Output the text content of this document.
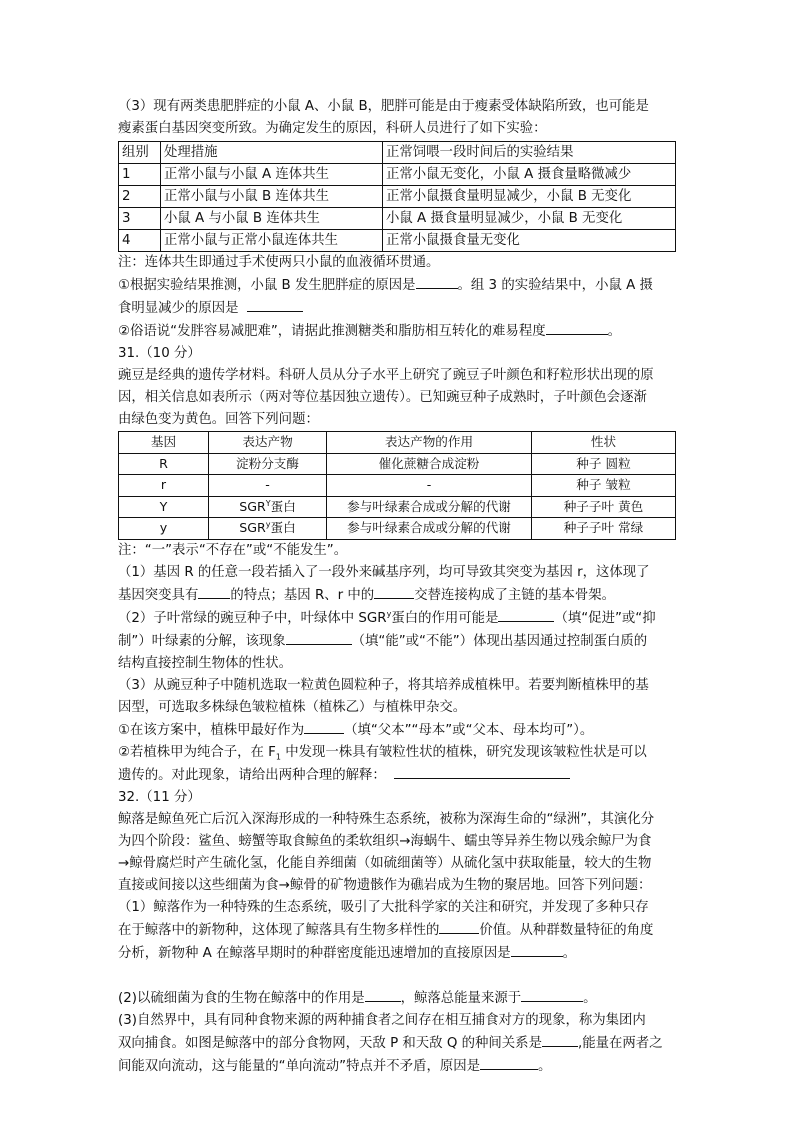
（3）现有两类患肥胖症的小鼠 A、小鼠 B，肥胖可能是由于瘦素受体缺陷所致，也可能是

瘦素蛋白基因突变所致。为确定发生的原因，科研人员进行了如下实验：

组别	处理措施	正常饲喂一段时间后的实验结果
1	正常小鼠与小鼠 A 连体共生	正常小鼠无变化，小鼠 A 摄食量略微减少
2	正常小鼠与小鼠 B 连体共生	正常小鼠摄食量明显减少，小鼠 B 无变化
3	小鼠 A 与小鼠 B 连体共生	小鼠 A 摄食量明显减少，小鼠 B 无变化
4	正常小鼠与正常小鼠连体共生	正常小鼠摄食量无变化

注：连体共生即通过手术使两只小鼠的血液循环贯通。

①根据实验结果推测，小鼠 B 发生肥胖症的原因是	。组 3 的实验结果中，小鼠 A 摄

食明显减少的原因是

②俗语说“发胖容易减肥难”，请据此推测糖类和脂肪相互转化的难易程度	。

31.（10 分）

豌豆是经典的遗传学材料。科研人员从分子水平上研究了豌豆子叶颜色和籽粒形状出现的原

因，相关信息如表所示（两对等位基因独立遗传）。已知豌豆种子成熟时，子叶颜色会逐渐

由绿色变为黄色。回答下列问题：

基因	表达产物	表达产物的作用	性状
R	淀粉分支酶	催化蔗糖合成淀粉	种子 圆粒
r	-	-	种子 皱粒
Y	$SGR^Y$蛋白	参与叶绿素合成或分解的代谢	种子子叶 黄色
y	SGR$^y$蛋白	参与叶绿素合成或分解的代谢	种子子叶 常绿

注：“一”表示“不存在”或“不能发生”。

（1）基因 R 的任意一段若插入了一段外来碱基序列，均可导致其突变为基因 r，这体现了

基因突变具有 的特点；基因 R、r 中的	交替连接构成了主链的基本骨架。

（2）子叶常绿的豌豆种子中，叶绿体中 SGR$^y$蛋白的作用可能是	（填“促进”或“抑

制”）叶绿素的分解，该现象	（填“能”或“不能”）体现出基因通过控制蛋白质的

结构直接控制生物体的性状。

（3）从豌豆种子中随机选取一粒黄色圆粒种子，将其培养成植株甲。若要判断植株甲的基

因型，可选取多株绿色皱粒植株（植株乙）与植株甲杂交。

①在该方案中，植株甲最好作为	（填“父本”“母本”或“父本、母本均可”）。

②若植株甲为纯合子，在 $F_1$ 中发现一株具有皱粒性状的植株，研究发现该皱粒性状是可以

遗传的。对此现象，请给出两种合理的解释：

32.（11 分）

鲸落是鲸鱼死亡后沉入深海形成的一种特殊生态系统，被称为深海生命的“绿洲”，其演化分

为四个阶段：鲨鱼、螃蟹等取食鲸鱼的柔软组织→海蜗牛、蠕虫等异养生物以残余鲸尸为食

→鲸骨腐烂时产生硫化氢，化能自养细菌（如硫细菌等）从硫化氢中获取能量，较大的生物

直接或间接以这些细菌为食→鲸骨的矿物遗骸作为礁岩成为生物的聚居地。回答下列问题：

（1）鲸落作为一种特殊的生态系统，吸引了大批科学家的关注和研究，并发现了多种只存

在于鲸落中的新物种，这体现了鲸落具有生物多样性的	价值。从种群数量特征的角度

分析，新物种 A 在鲸落早期时的种群密度能迅速增加的直接原因是	。

(2)以硫细菌为食的生物在鲸落中的作用是	，鲸落总能量来源于	。

(3)自然界中，具有同种食物来源的两种捕食者之间存在相互捕食对方的现象，称为集团内

双向捕食。如图是鲸落中的部分食物网，天敌 P 和天敌 Q 的种间关系是	,能量在两者之

间能双向流动，这与能量的“单向流动”特点并不矛盾，原因是	。
